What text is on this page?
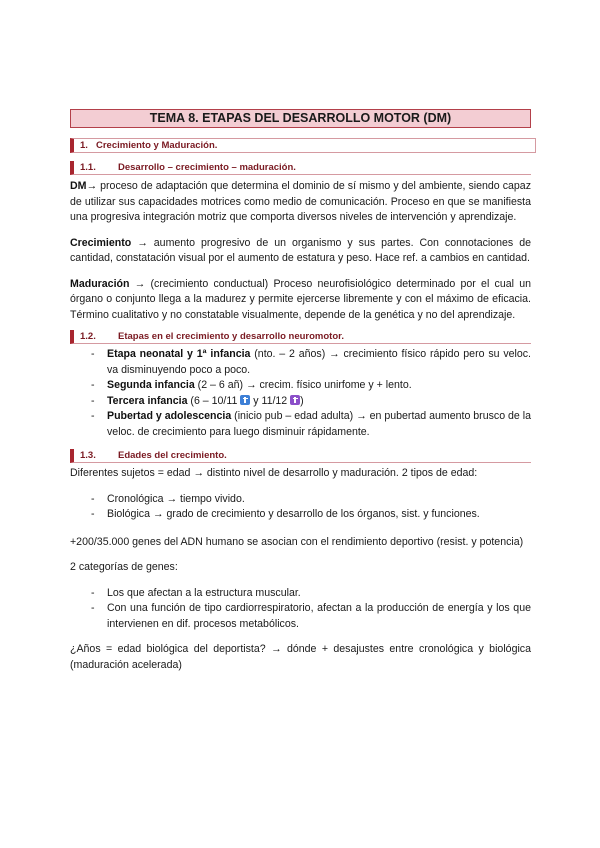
TEMA 8. ETAPAS DEL DESARROLLO MOTOR (DM)
1. Crecimiento y Maduración.
1.1. Desarrollo – crecimiento – maduración.

DM→ proceso de adaptación que determina el dominio de sí mismo y del ambiente, siendo capaz de utilizar sus capacidades motrices como medio de comunicación. Proceso en que se manifiesta una progresiva integración motriz que comporta diversos niveles de intervención y aprendizaje.

Crecimiento → aumento progresivo de un organismo y sus partes. Con connotaciones de cantidad, constatación visual por el aumento de estatura y peso. Hace ref. a cambios en cantidad.

Maduración → (crecimiento conductual) Proceso neurofisiológico determinado por el cual un órgano o conjunto llega a la madurez y permite ejercerse libremente y con el máximo de eficacia. Término cualitativo y no constatable visualmente, depende de la genética y no del aprendizaje.

1.2. Etapas en el crecimiento y desarrollo neuromotor.
- Etapa neonatal y 1ª infancia (nto. – 2 años) → crecimiento físico rápido pero su veloc. va disminuyendo poco a poco.
- Segunda infancia (2 – 6 añ) → crecim. físico unirfome y + lento.
- Tercera infancia (6 – 10/11  y 11/12 )
- Pubertad y adolescencia (inicio pub – edad adulta) → en pubertad aumento brusco de la veloc. de crecimiento para luego disminuir rápidamente.
1.3. Edades del crecimiento.

Diferentes sujetos = edad → distinto nivel de desarrollo y maduración. 2 tipos de edad:

- Cronológica → tiempo vivido.
- Biológica → grado de crecimiento y desarrollo de los órganos, sist. y funciones.

+200/35.000 genes del ADN humano se asocian con el rendimiento deportivo (resist. y potencia)

2 categorías de genes:

- Los que afectan a la estructura muscular.
- Con una función de tipo cardiorrespiratorio, afectan a la producción de energía y los que intervienen en dif. procesos metabólicos.

¿Años = edad biológica del deportista? → dónde + desajustes entre cronológica y biológica (maduración acelerada)
